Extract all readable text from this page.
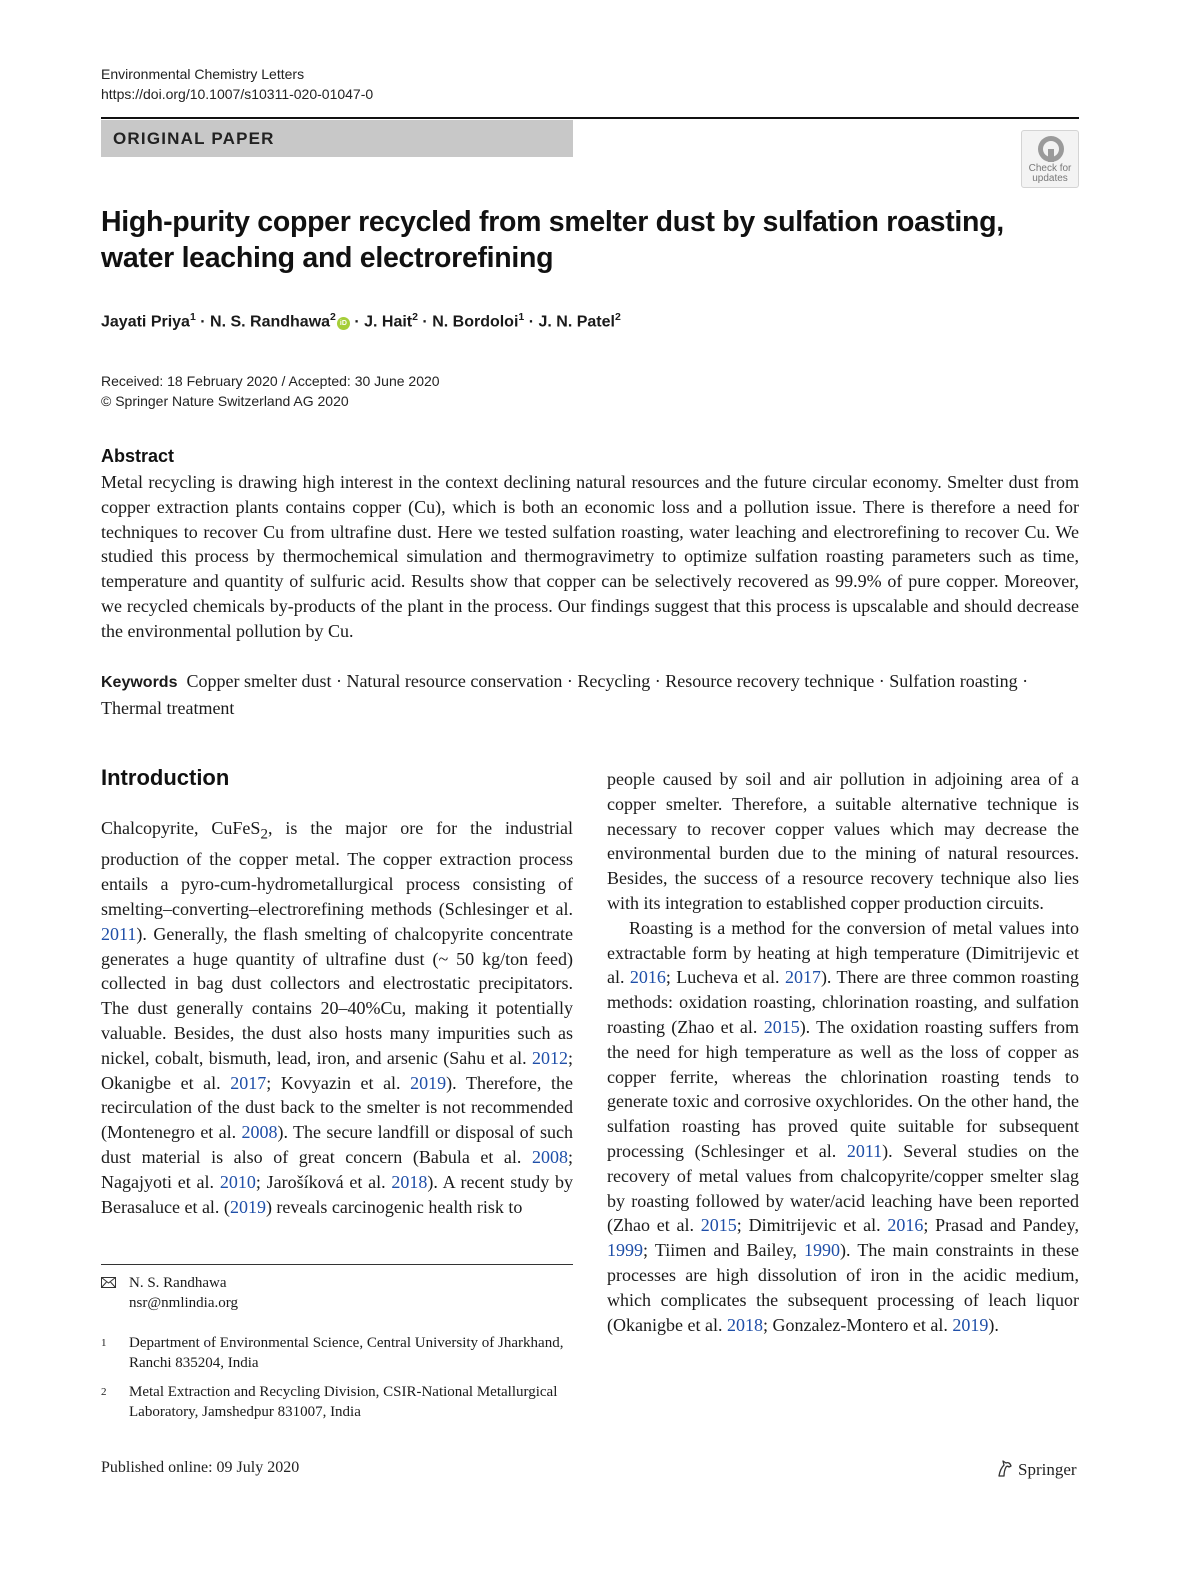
Environmental Chemistry Letters
https://doi.org/10.1007/s10311-020-01047-0
ORIGINAL PAPER
Check for
updates
High-purity copper recycled from smelter dust by sulfation roasting,
water leaching and electrorefining
Jayati Priya$^1$ · N. S. Randhawa$^2$iD · J. Hait$^2$ · N. Bordoloi$^1$ · J. N. Patel$^2$
Received: 18 February 2020 / Accepted: 30 June 2020
© Springer Nature Switzerland AG 2020
Abstract
Metal recycling is drawing high interest in the context declining natural resources and the future circular economy. Smelter dust from copper extraction plants contains copper (Cu), which is both an economic loss and a pollution issue. There is therefore a need for techniques to recover Cu from ultrafine dust. Here we tested sulfation roasting, water leaching and electrorefining to recover Cu. We studied this process by thermochemical simulation and thermogravimetry to optimize sulfation roasting parameters such as time, temperature and quantity of sulfuric acid. Results show that copper can be selectively recovered as 99.9% of pure copper. Moreover, we recycled chemicals by-products of the plant in the process. Our findings suggest that this process is upscalable and should decrease the environmental pollution by Cu.
Keywords Copper smelter dust · Natural resource conservation · Recycling · Resource recovery technique · Sulfation roasting · Thermal treatment
Introduction

Chalcopyrite, CuFeS$_2$, is the major ore for the industrial production of the copper metal. The copper extraction process entails a pyro-cum-hydrometallurgical process consisting of smelting–converting–electrorefining methods (Schlesinger et al. 2011). Generally, the flash smelting of chalcopyrite concentrate generates a huge quantity of ultrafine dust (~ 50 kg/ton feed) collected in bag dust collectors and electrostatic precipitators. The dust generally contains 20–40%Cu, making it potentially valuable. Besides, the dust also hosts many impurities such as nickel, cobalt, bismuth, lead, iron, and arsenic (Sahu et al. 2012; Okanigbe et al. 2017; Kovyazin et al. 2019). Therefore, the recirculation of the dust back to the smelter is not recommended (Montenegro et al. 2008). The secure landfill or disposal of such dust material is also of great concern (Babula et al. 2008; Nagajyoti et al. 2010; Jarošíková et al. 2018). A recent study by Berasaluce et al. (2019) reveals carcinogenic health risk to

people caused by soil and air pollution in adjoining area of a copper smelter. Therefore, a suitable alternative technique is necessary to recover copper values which may decrease the environmental burden due to the mining of natural resources. Besides, the success of a resource recovery technique also lies with its integration to established copper production circuits.

Roasting is a method for the conversion of metal values into extractable form by heating at high temperature (Dimitrijevic et al. 2016; Lucheva et al. 2017). There are three common roasting methods: oxidation roasting, chlorination roasting, and sulfation roasting (Zhao et al. 2015). The oxidation roasting suffers from the need for high temperature as well as the loss of copper as copper ferrite, whereas the chlorination roasting tends to generate toxic and corrosive oxychlorides. On the other hand, the sulfation roasting has proved quite suitable for subsequent processing (Schlesinger et al. 2011). Several studies on the recovery of metal values from chalcopyrite/copper smelter slag by roasting followed by water/acid leaching have been reported (Zhao et al. 2015; Dimitrijevic et al. 2016; Prasad and Pandey, 1999; Tiimen and Bailey, 1990). The main constraints in these processes are high dissolution of iron in the acidic medium, which complicates the subsequent processing of leach liquor (Okanigbe et al. 2018; Gonzalez-Montero et al. 2019).

N. S. Randhawa
nsr@nmlindia.org
1 Department of Environmental Science, Central University of Jharkhand, Ranchi 835204, India
2 Metal Extraction and Recycling Division, CSIR-National Metallurgical Laboratory, Jamshedpur 831007, India
Published online: 09 July 2020	Springer
